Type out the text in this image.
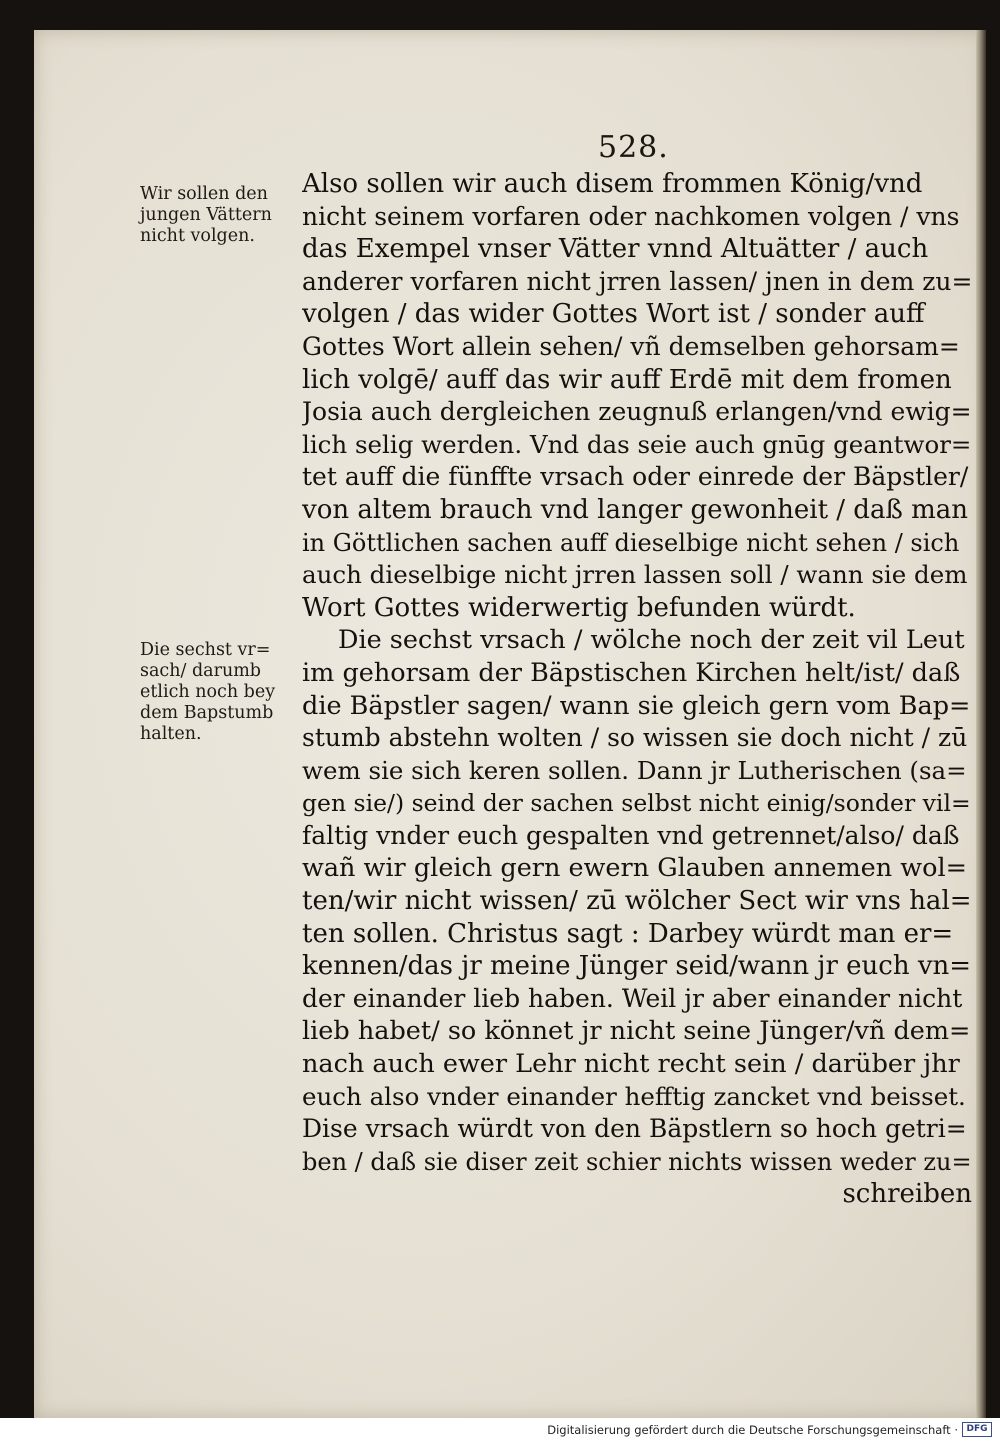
528.
Wir sollen den
jungen Vättern
nicht volgen.
Die sechst vr=
sach/ darumb
etlich noch bey
dem Bapstumb
halten.
Also sollen wir auch disem frommen König/vnd
nicht seinem vorfaren oder nachkomen volgen / vns
das Exempel vnser Vätter vnnd Altuätter / auch
anderer vorfaren nicht jrren lassen/ jnen in dem zu=
volgen / das wider Gottes Wort ist / sonder auff
Gottes Wort allein sehen/ vñ demselben gehorsam=
lich volgē/ auff das wir auff Erdē mit dem fromen
Josia auch dergleichen zeugnuß erlangen/vnd ewig=
lich selig werden. Vnd das seie auch gnūg geantwor=
tet auff die fünffte vrsach oder einrede der Bäpstler/
von altem brauch vnd langer gewonheit / daß man
in Göttlichen sachen auff dieselbige nicht sehen / sich
auch dieselbige nicht jrren lassen soll / wann sie dem
Wort Gottes widerwertig befunden würdt.
Die sechst vrsach / wölche noch der zeit vil Leut
im gehorsam der Bäpstischen Kirchen helt/ist/ daß
die Bäpstler sagen/ wann sie gleich gern vom Bap=
stumb abstehn wolten / so wissen sie doch nicht / zū
wem sie sich keren sollen. Dann jr Lutherischen (sa=
gen sie/) seind der sachen selbst nicht einig/sonder vil=
faltig vnder euch gespalten vnd getrennet/also/ daß
wañ wir gleich gern ewern Glauben annemen wol=
ten/wir nicht wissen/ zū wölcher Sect wir vns hal=
ten sollen. Christus sagt : Darbey würdt man er=
kennen/das jr meine Jünger seid/wann jr euch vn=
der einander lieb haben. Weil jr aber einander nicht
lieb habet/ so könnet jr nicht seine Jünger/vñ dem=
nach auch ewer Lehr nicht recht sein / darüber jhr
euch also vnder einander hefftig zancket vnd beisset.
Dise vrsach würdt von den Bäpstlern so hoch getri=
ben / daß sie diser zeit schier nichts wissen weder zu=
schreiben
Digitalisierung gefördert durch die Deutsche Forschungsgemeinschaft · DFG
